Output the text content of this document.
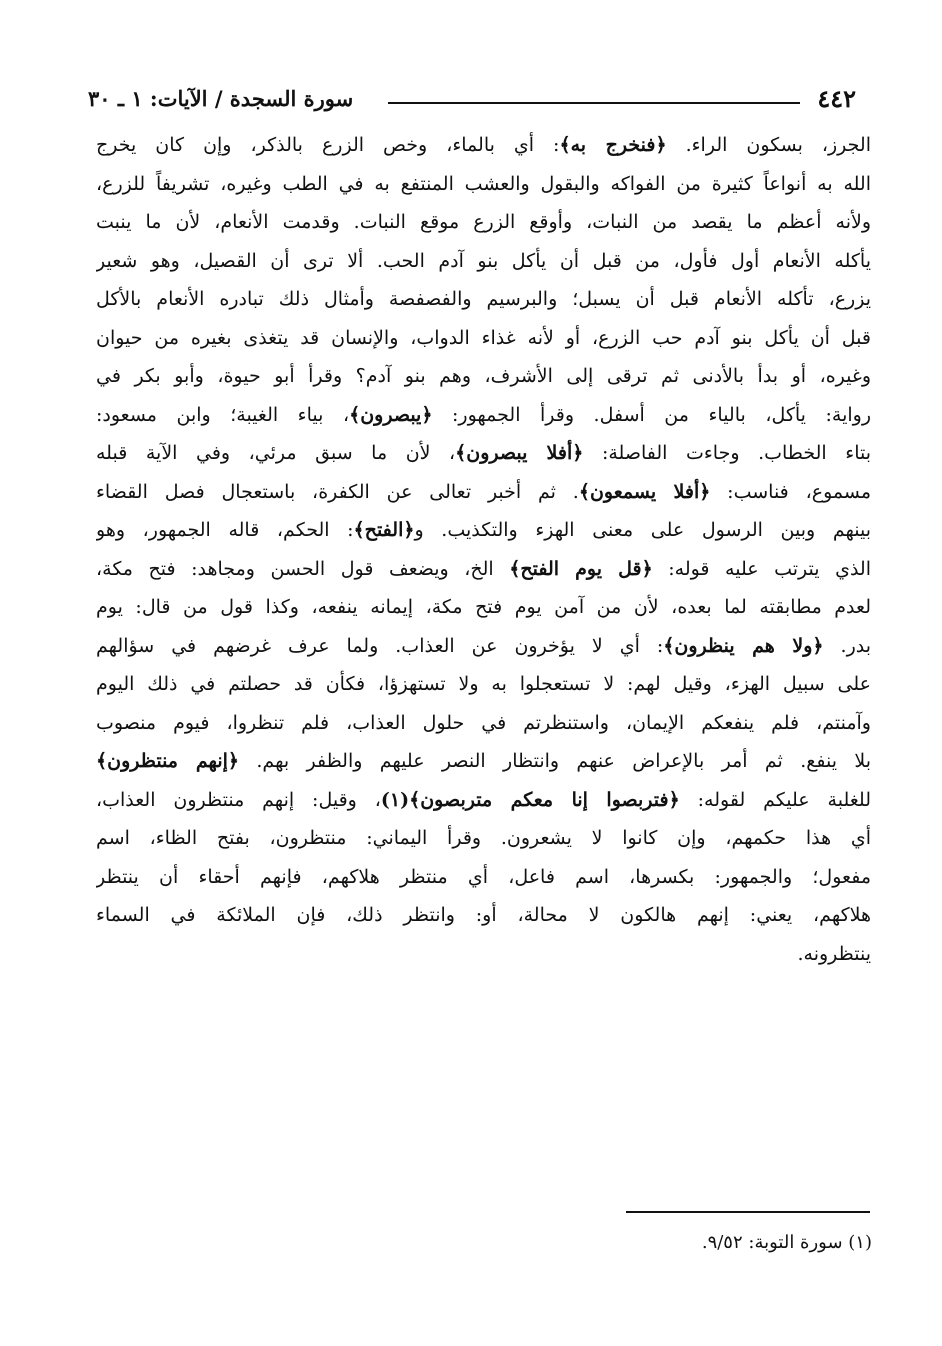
٤٤٢
سورة السجدة / الآيات: ١ ـ ٣٠
الجرز، بسكون الراء. ﴿فنخرج به﴾: أي بالماء، وخص الزرع بالذكر، وإن كان يخرج
الله به أنواعاً كثيرة من الفواكه والبقول والعشب المنتفع به في الطب وغيره، تشريفاً للزرع،
ولأنه أعظم ما يقصد من النبات، وأوقع الزرع موقع النبات. وقدمت الأنعام، لأن ما ينبت
يأكله الأنعام أول فأول، من قبل أن يأكل بنو آدم الحب. ألا ترى أن القصيل، وهو شعير
يزرع، تأكله الأنعام قبل أن يسبل؛ والبرسيم والفصفصة وأمثال ذلك تبادره الأنعام بالأكل
قبل أن يأكل بنو آدم حب الزرع، أو لأنه غذاء الدواب، والإنسان قد يتغذى بغيره من حيوان
وغيره، أو بدأ بالأدنى ثم ترقى إلى الأشرف، وهم بنو آدم؟ وقرأ أبو حيوة، وأبو بكر في
رواية: يأكل، بالياء من أسفل. وقرأ الجمهور: ﴿يبصرون﴾، بياء الغيبة؛ وابن مسعود:
بتاء الخطاب. وجاءت الفاصلة: ﴿أفلا يبصرون﴾، لأن ما سبق مرئي، وفي الآية قبله
مسموع، فناسب: ﴿أفلا يسمعون﴾. ثم أخبر تعالى عن الكفرة، باستعجال فصل القضاء
بينهم وبين الرسول على معنى الهزء والتكذيب. و﴿الفتح﴾: الحكم، قاله الجمهور، وهو
الذي يترتب عليه قوله: ﴿قل يوم الفتح﴾ الخ، ويضعف قول الحسن ومجاهد: فتح مكة،
لعدم مطابقته لما بعده، لأن من آمن يوم فتح مكة، إيمانه ينفعه، وكذا قول من قال: يوم
بدر. ﴿ولا هم ينظرون﴾: أي لا يؤخرون عن العذاب. ولما عرف غرضهم في سؤالهم
على سبيل الهزء، وقيل لهم: لا تستعجلوا به ولا تستهزؤا، فكأن قد حصلتم في ذلك اليوم
وآمنتم، فلم ينفعكم الإيمان، واستنظرتم في حلول العذاب، فلم تنظروا، فيوم منصوب
بلا ينفع. ثم أمر بالإعراض عنهم وانتظار النصر عليهم والظفر بهم. ﴿إنهم منتظرون﴾
للغلبة عليكم لقوله: ﴿فتربصوا إنا معكم متربصون﴾(١)، وقيل: إنهم منتظرون العذاب،
أي هذا حكمهم، وإن كانوا لا يشعرون. وقرأ اليماني: منتظرون، بفتح الظاء، اسم
مفعول؛ والجمهور: بكسرها، اسم فاعل، أي منتظر هلاكهم، فإنهم أحقاء أن ينتظر
هلاكهم، يعني: إنهم هالكون لا محالة، أو: وانتظر ذلك، فإن الملائكة في السماء
ينتظرونه.
(١) سورة التوبة: ٩/٥٢.
